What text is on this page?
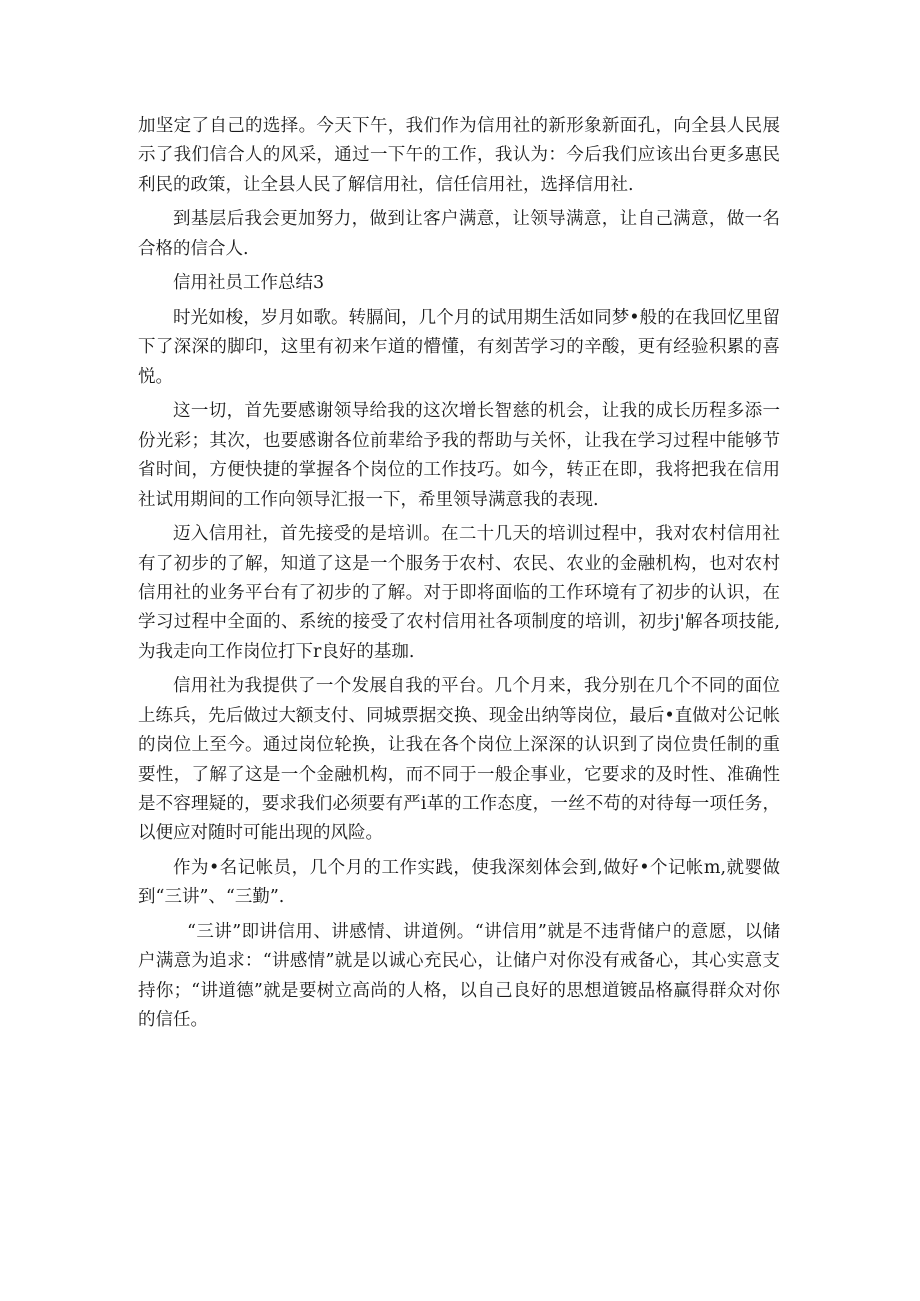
加坚定了自己的选择。今天下午，我们作为信用社的新形象新面孔，向全县人民展示了我们信合人的风采，通过一下午的工作，我认为：今后我们应该出台更多惠民利民的政策，让全县人民了解信用社，信任信用社，选择信用社.

到基层后我会更加努力，做到让客户满意，让领导满意，让自己满意，做一名合格的信合人.

信用社员工作总结3

时光如梭，岁月如歌。转膈间，几个月的试用期生活如同梦•般的在我回忆里留下了深深的脚印，这里有初来乍道的懵懂，有刻苦学习的辛酸，更有经验积累的喜悦。

这一切，首先要感谢领导给我的这次增长智慈的机会，让我的成长历程多添一份光彩；其次，也要感谢各位前辈给予我的帮助与关怀，让我在学习过程中能够节省时间，方便快捷的掌握各个岗位的工作技巧。如今，转正在即，我将把我在信用社试用期间的工作向领导汇报一下，希里领导满意我的表现.

迈入信用社，首先接受的是培训。在二十几天的培训过程中，我对农村信用社有了初步的了解，知道了这是一个服务于农村、农民、农业的金融机构，也对农村信用社的业务平台有了初步的了解。对于即将面临的工作环境有了初步的认识，在学习过程中全面的、系统的接受了农村信用社各项制度的培训，初步j'解各项技能,为我走向工作岗位打下r良好的基珈.

信用社为我提供了一个发展自我的平台。几个月来，我分别在几个不同的面位上练兵，先后做过大额支付、同城票据交换、现金出纳等岗位，最后•直做对公记帐的岗位上至今。通过岗位轮换，让我在各个岗位上深深的认识到了岗位贵任制的重要性，了解了这是一个金融机构，而不同于一般企事业，它要求的及时性、准确性是不容理疑的，要求我们必须要有严i革的工作态度，一丝不苟的对待每一项任务，以便应对随时可能出现的风险。

作为•名记帐员，几个月的工作实践，使我深刻体会到,做好•个记帐m,就婴做到“三讲”、“三勤”.

“三讲”即讲信用、讲感情、讲道例。“讲信用”就是不违背储户的意愿，以储户满意为追求：“讲感情”就是以诚心充民心，让储户对你没有戒备心，其心实意支持你；“讲道德”就是要树立高尚的人格，以自己良好的思想道镀品格赢得群众对你的信任。
